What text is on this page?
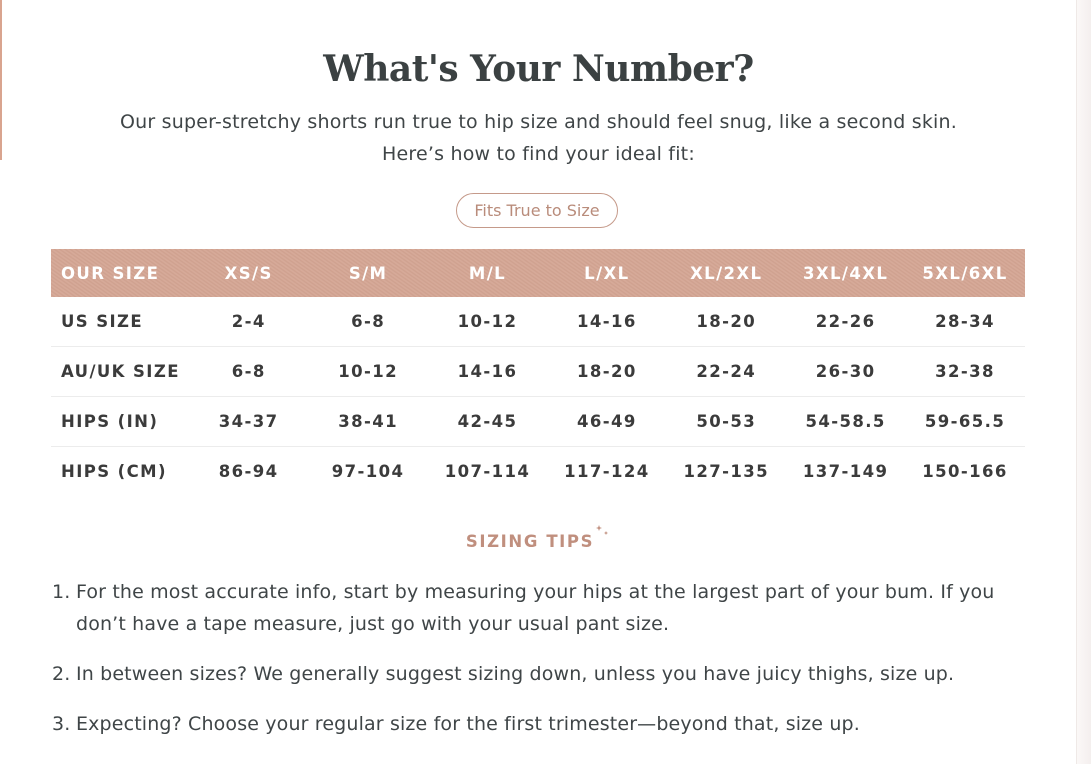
What's Your Number?
Our super-stretchy shorts run true to hip size and should feel snug, like a second skin.
Here’s how to find your ideal fit:
Fits True to Size
OUR SIZE	XS/S	S/M	M/L	L/XL	XL/2XL	3XL/4XL	5XL/6XL
US SIZE	2-4	6-8	10-12	14-16	18-20	22-26	28-34
AU/UK SIZE	6-8	10-12	14-16	18-20	22-24	26-30	32-38
HIPS (IN)	34-37	38-41	42-45	46-49	50-53	54-58.5	59-65.5
HIPS (CM)	86-94	97-104	107-114	117-124	127-135	137-149	150-166
SIZING TIPS
1. For the most accurate info, start by measuring your hips at the largest part of your bum. If you don’t have a tape measure, just go with your usual pant size.
2. In between sizes? We generally suggest sizing down, unless you have juicy thighs, size up.
3. Expecting? Choose your regular size for the first trimester—beyond that, size up.
